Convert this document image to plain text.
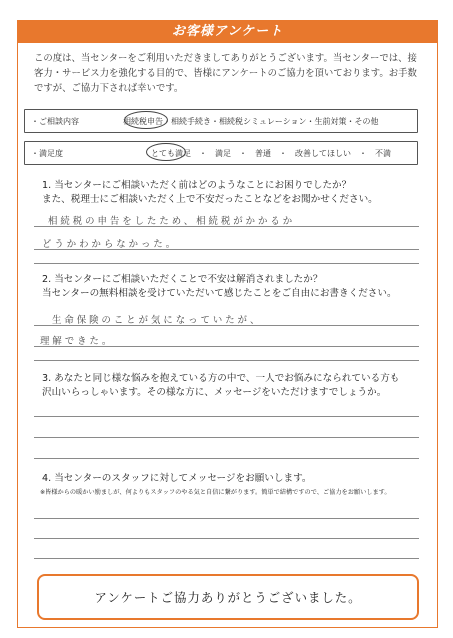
お客様アンケート
この度は、当センターをご利用いただきましてありがとうございます。当センターでは、接客力・サービス力を強化する目的で、皆様にアンケートのご協力を頂いております。お手数ですが、ご協力下されば幸いです。
・ご相談内容	相続税申告・相続手続き・相続税シミュレーション・生前対策・その他
・満足度	とても満足　・　満足　・　普通　・　改善してほしい　・　不満
1. 当センターにご相談いただく前はどのようなことにお困りでしたか？
また、税理士にご相談いただく上で不安だったことなどをお聞かせください。
相続税の申告をしたため、相続税がかかるか
どうかわからなかった。
2. 当センターにご相談いただくことで不安は解消されましたか？
当センターの無料相談を受けていただいて感じたことをご自由にお書きください。
生命保険のことが気になっていたが、
理解できた。
3. あなたと同じ様な悩みを抱えている方の中で、一人でお悩みになられている方も
沢山いらっしゃいます。その様な方に、メッセージをいただけますでしょうか。
4. 当センターのスタッフに対してメッセージをお願いします。
※皆様からの暖かい励ましが、何よりもスタッフのやる気と自信に繋がります。簡単で結構ですので、ご協力をお願いします。
アンケートご協力ありがとうございました。
